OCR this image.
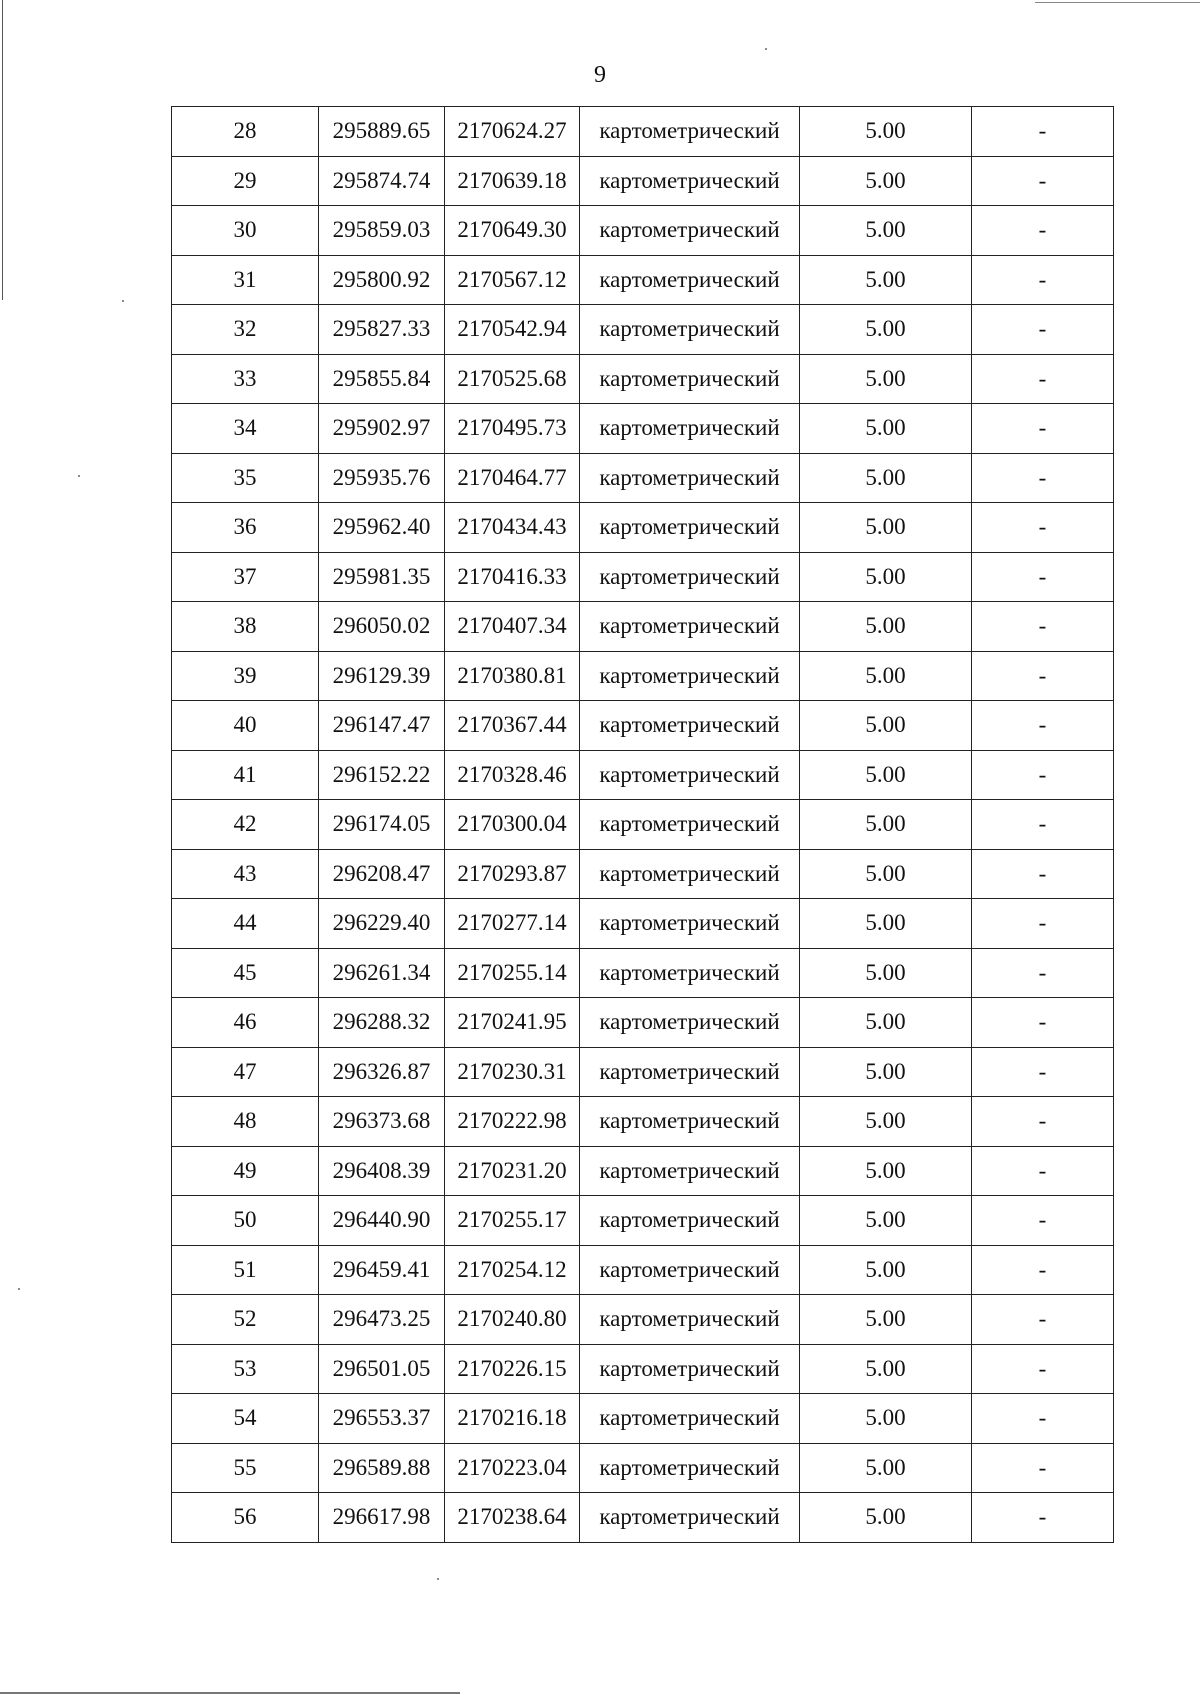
9
28	295889.65	2170624.27	картометрический	5.00	-
29	295874.74	2170639.18	картометрический	5.00	-
30	295859.03	2170649.30	картометрический	5.00	-
31	295800.92	2170567.12	картометрический	5.00	-
32	295827.33	2170542.94	картометрический	5.00	-
33	295855.84	2170525.68	картометрический	5.00	-
34	295902.97	2170495.73	картометрический	5.00	-
35	295935.76	2170464.77	картометрический	5.00	-
36	295962.40	2170434.43	картометрический	5.00	-
37	295981.35	2170416.33	картометрический	5.00	-
38	296050.02	2170407.34	картометрический	5.00	-
39	296129.39	2170380.81	картометрический	5.00	-
40	296147.47	2170367.44	картометрический	5.00	-
41	296152.22	2170328.46	картометрический	5.00	-
42	296174.05	2170300.04	картометрический	5.00	-
43	296208.47	2170293.87	картометрический	5.00	-
44	296229.40	2170277.14	картометрический	5.00	-
45	296261.34	2170255.14	картометрический	5.00	-
46	296288.32	2170241.95	картометрический	5.00	-
47	296326.87	2170230.31	картометрический	5.00	-
48	296373.68	2170222.98	картометрический	5.00	-
49	296408.39	2170231.20	картометрический	5.00	-
50	296440.90	2170255.17	картометрический	5.00	-
51	296459.41	2170254.12	картометрический	5.00	-
52	296473.25	2170240.80	картометрический	5.00	-
53	296501.05	2170226.15	картометрический	5.00	-
54	296553.37	2170216.18	картометрический	5.00	-
55	296589.88	2170223.04	картометрический	5.00	-
56	296617.98	2170238.64	картометрический	5.00	-
